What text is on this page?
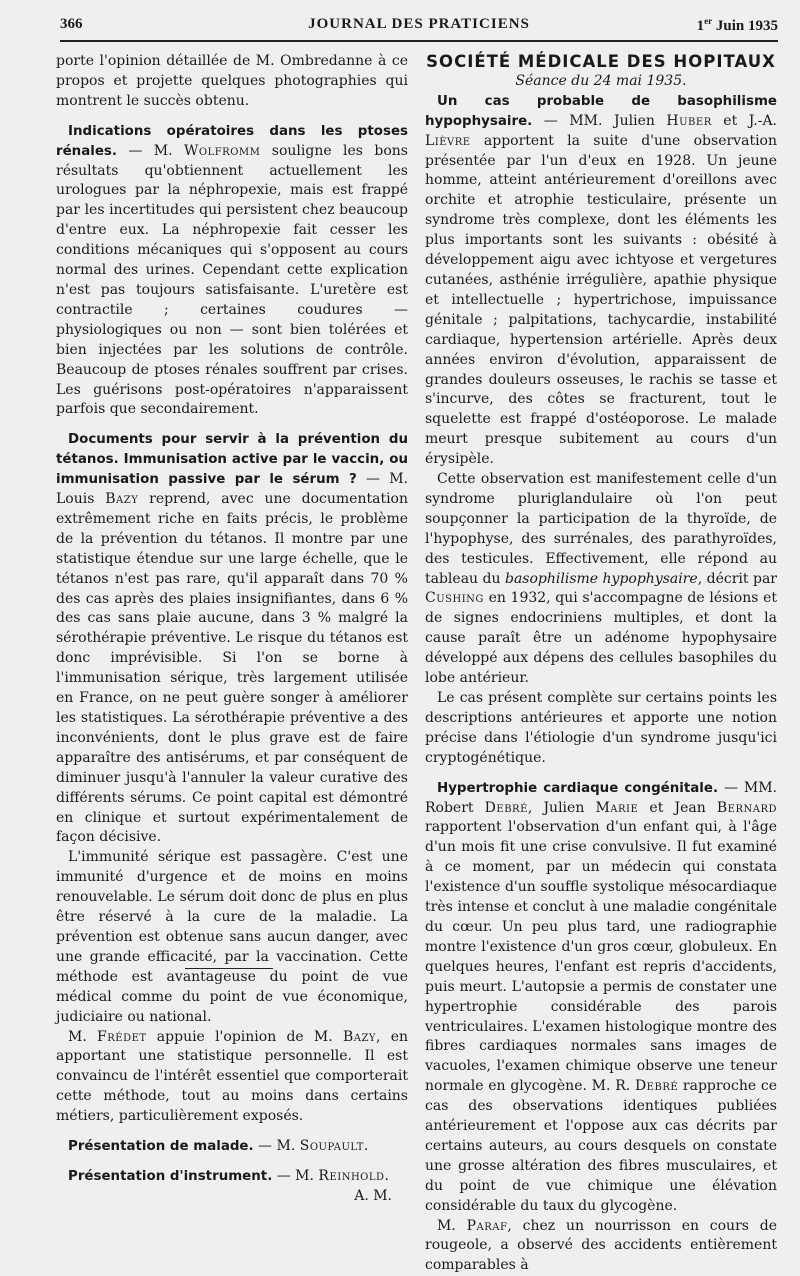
366	JOURNAL DES PRATICIENS	1er Juin 1935

porte l'opinion détaillée de M. Ombredanne à ce propos et projette quelques photographies qui montrent le succès obtenu.

Indications opératoires dans les ptoses rénales. — M. Wolfromm souligne les bons résultats qu'obtiennent actuellement les urologues par la néphropexie, mais est frappé par les incertitudes qui persistent chez beaucoup d'entre eux. La néphropexie fait cesser les conditions mécaniques qui s'opposent au cours normal des urines. Cependant cette explication n'est pas toujours satisfaisante. L'uretère est contractile ; certaines coudures — physiologiques ou non — sont bien tolérées et bien injectées par les solutions de contrôle. Beaucoup de ptoses rénales souffrent par crises. Les guérisons post-opératoires n'apparaissent parfois que secondairement.

Documents pour servir à la prévention du tétanos. Immunisation active par le vaccin, ou immunisation passive par le sérum ? — M. Louis Bazy reprend, avec une documentation extrêmement riche en faits précis, le problème de la prévention du tétanos. Il montre par une statistique étendue sur une large échelle, que le tétanos n'est pas rare, qu'il apparaît dans 70 % des cas après des plaies insignifiantes, dans 6 % des cas sans plaie aucune, dans 3 % malgré la sérothérapie préventive. Le risque du tétanos est donc imprévisible. Si l'on se borne à l'immunisation sérique, très largement utilisée en France, on ne peut guère songer à améliorer les statistiques. La sérothérapie préventive a des inconvénients, dont le plus grave est de faire apparaître des antisérums, et par conséquent de diminuer jusqu'à l'annuler la valeur curative des différents sérums. Ce point capital est démontré en clinique et surtout expérimentalement de façon décisive.

L'immunité sérique est passagère. C'est une immunité d'urgence et de moins en moins renouvelable. Le sérum doit donc de plus en plus être réservé à la cure de la maladie. La prévention est obtenue sans aucun danger, avec une grande efficacité, par la vaccination. Cette méthode est avantageuse du point de vue médical comme du point de vue économique, judiciaire ou national.

M. Frédet appuie l'opinion de M. Bazy, en apportant une statistique personnelle. Il est convaincu de l'intérêt essentiel que comporterait cette méthode, tout au moins dans certains métiers, particulièrement exposés.

Présentation de malade. — M. Soupault.

Présentation d'instrument. — M. Reinhold.

A. M.

SOCIÉTÉ MÉDICALE DES HOPITAUX

Séance du 24 mai 1935.

Un cas probable de basophilisme hypophysaire. — MM. Julien Huber et J.-A. Lièvre apportent la suite d'une observation présentée par l'un d'eux en 1928. Un jeune homme, atteint antérieurement d'oreillons avec orchite et atrophie testiculaire, présente un syndrome très complexe, dont les éléments les plus importants sont les suivants : obésité à développement aigu avec ichtyose et vergetures cutanées, asthénie irrégulière, apathie physique et intellectuelle ; hypertrichose, impuissance génitale ; palpitations, tachycardie, instabilité cardiaque, hypertension artérielle. Après deux années environ d'évolution, apparaissent de grandes douleurs osseuses, le rachis se tasse et s'incurve, des côtes se fracturent, tout le squelette est frappé d'ostéoporose. Le malade meurt presque subitement au cours d'un érysipèle.

Cette observation est manifestement celle d'un syndrome pluriglandulaire où l'on peut soupçonner la participation de la thyroïde, de l'hypophyse, des surrénales, des parathyroïdes, des testicules. Effectivement, elle répond au tableau du basophilisme hypophysaire, décrit par Cushing en 1932, qui s'accompagne de lésions et de signes endocriniens multiples, et dont la cause paraît être un adénome hypophysaire développé aux dépens des cellules basophiles du lobe antérieur.

Le cas présent complète sur certains points les descriptions antérieures et apporte une notion précise dans l'étiologie d'un syndrome jusqu'ici cryptogénétique.

Hypertrophie cardiaque congénitale. — MM. Robert Debré, Julien Marie et Jean Bernard rapportent l'observation d'un enfant qui, à l'âge d'un mois fit une crise convulsive. Il fut examiné à ce moment, par un médecin qui constata l'existence d'un souffle systolique mésocardiaque très intense et conclut à une maladie congénitale du cœur. Un peu plus tard, une radiographie montre l'existence d'un gros cœur, globuleux. En quelques heures, l'enfant est repris d'accidents, puis meurt. L'autopsie a permis de constater une hypertrophie considérable des parois ventriculaires. L'examen histologique montre des fibres cardiaques normales sans images de vacuoles, l'examen chimique observe une teneur normale en glycogène. M. R. Debré rapproche ce cas des observations identiques publiées antérieurement et l'oppose aux cas décrits par certains auteurs, au cours desquels on constate une grosse altération des fibres musculaires, et du point de vue chimique une élévation considérable du taux du glycogène.

M. Paraf, chez un nourrisson en cours de rougeole, a observé des accidents entièrement comparables à
